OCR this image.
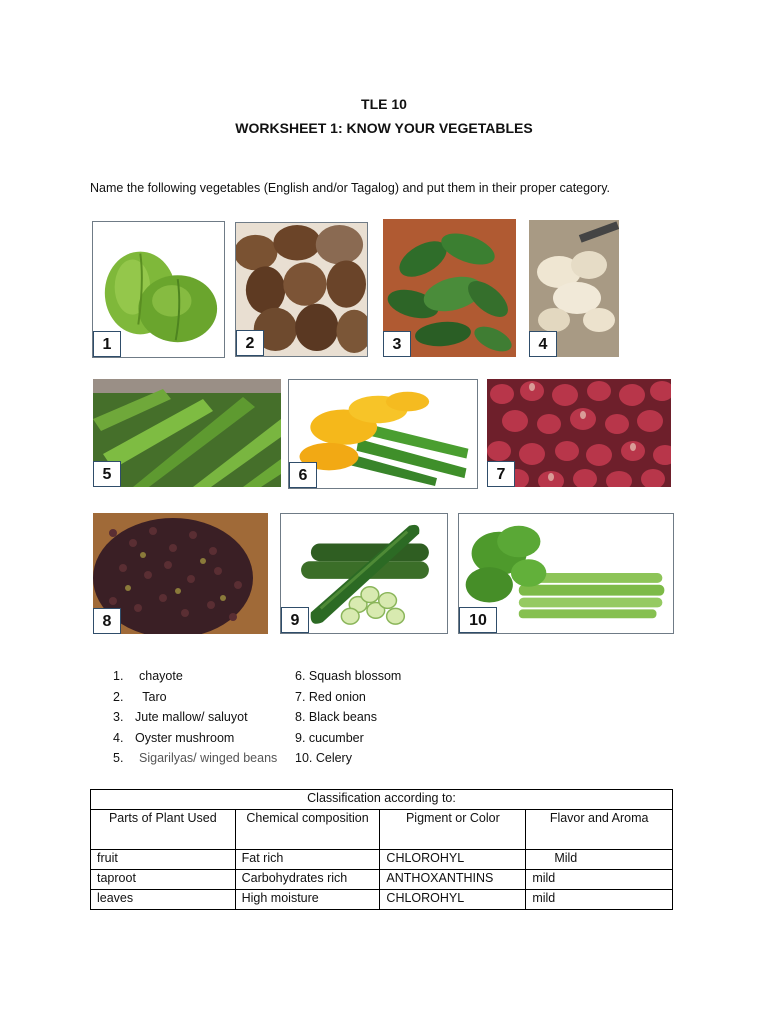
TLE 10
WORKSHEET 1: KNOW YOUR VEGETABLES
Name the following vegetables (English and/or Tagalog) and put them in their proper category.
1	2	3	4
5	6	7
8	9	10
1. chayote
2. Taro
3. Jute mallow/ saluyot
4. Oyster mushroom
5. Sigarilyas/ winged beans
6. Squash blossom
7. Red onion
8. Black beans
9. cucumber
10. Celery
Classification according to:			
Parts of Plant Used	Chemical composition	Pigment or Color	Flavor and Aroma
fruit	Fat rich	CHLOROHYL	Mild
taproot	Carbohydrates rich	ANTHOXANTHINS	mild
leaves	High moisture	CHLOROHYL	mild
